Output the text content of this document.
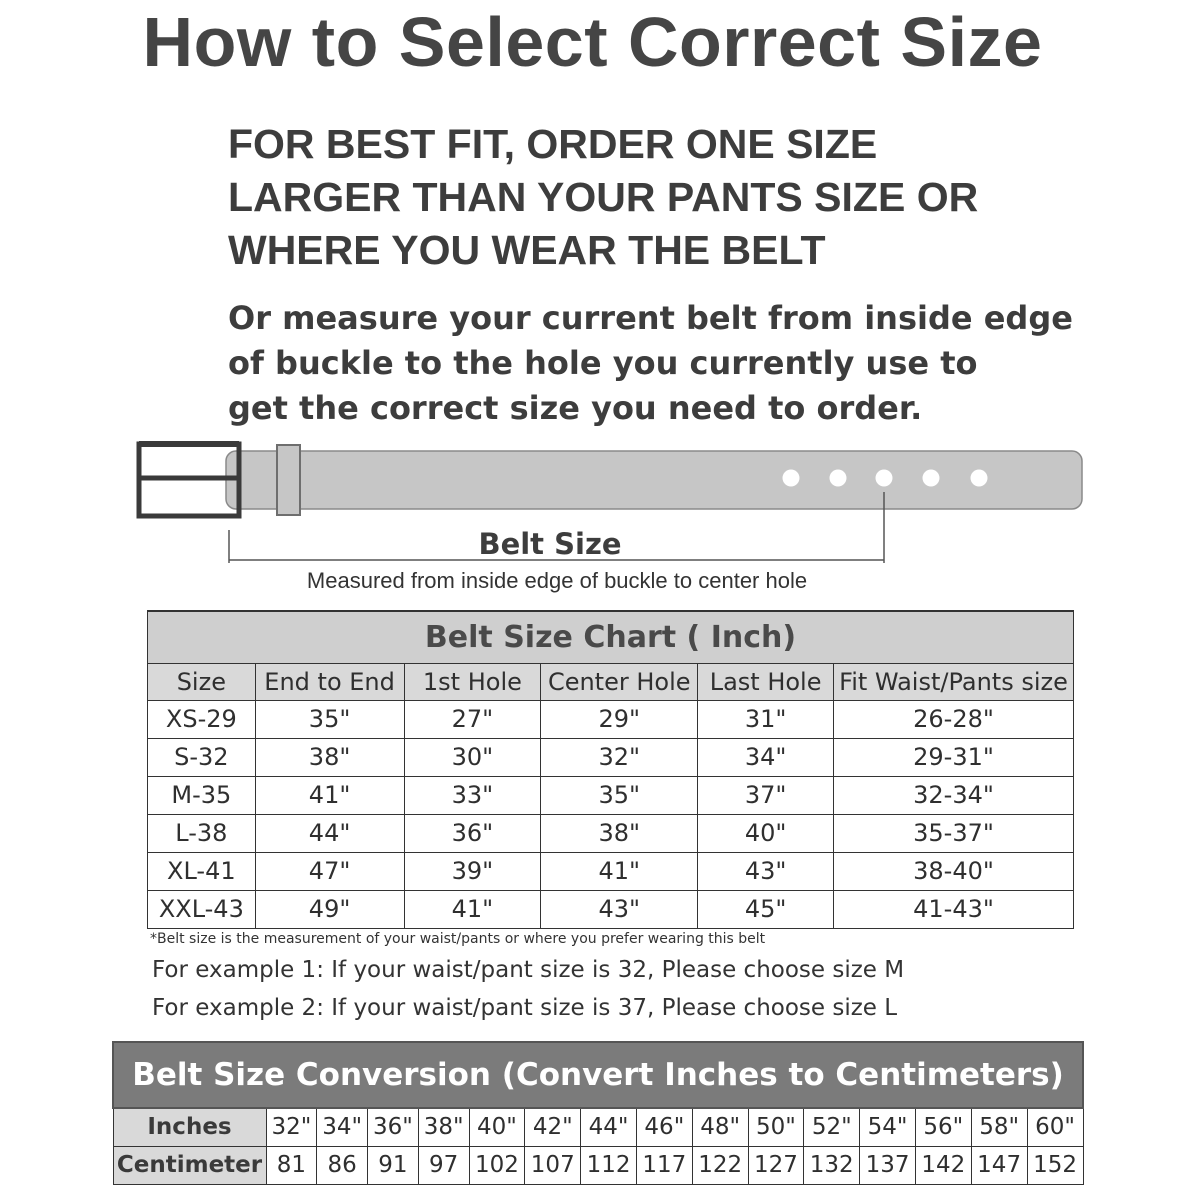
How to Select Correct Size
FOR BEST FIT, ORDER ONE SIZE
LARGER THAN YOUR PANTS SIZE OR
WHERE YOU WEAR THE BELT
Or measure your current belt from inside edge
of buckle to the hole you currently use to
get the correct size you need to order.
Belt Size
Measured from inside edge of buckle to center hole
Belt Size Chart ( Inch)					
Size	End to End	1st Hole	Center Hole	Last Hole	Fit Waist/Pants size
XS-29	35"	27"	29"	31"	26-28"
S-32	38"	30"	32"	34"	29-31"
M-35	41"	33"	35"	37"	32-34"
L-38	44"	36"	38"	40"	35-37"
XL-41	47"	39"	41"	43"	38-40"
XXL-43	49"	41"	43"	45"	41-43"
*Belt size is the measurement of your waist/pants or where you prefer wearing this belt
For example 1: If your waist/pant size is 32, Please choose size M
For example 2: If your waist/pant size is 37, Please choose size L
Belt Size Conversion (Convert Inches to Centimeters)															
Inches	32"	34"	36"	38"	40"	42"	44"	46"	48"	50"	52"	54"	56"	58"	60"
Centimeter	81	86	91	97	102	107	112	117	122	127	132	137	142	147	152
